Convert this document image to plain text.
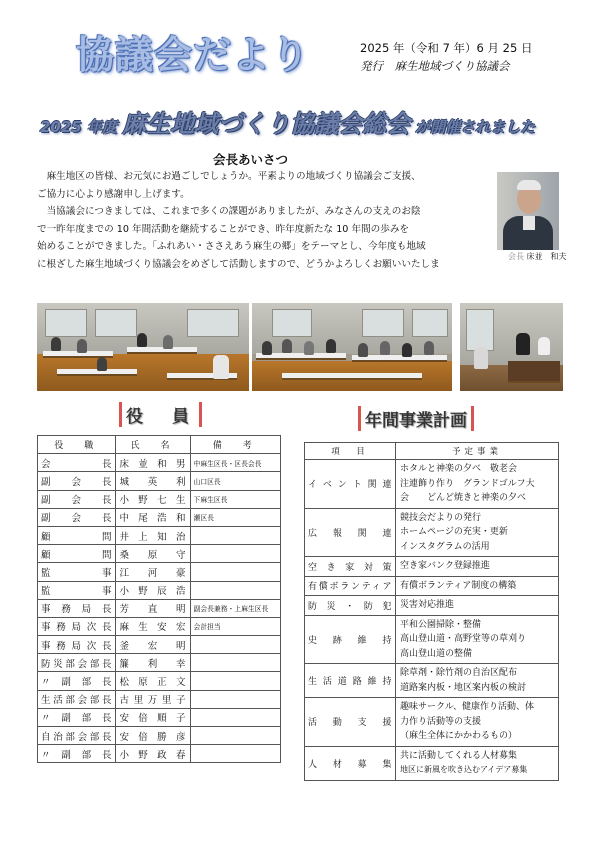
協議会だより	2025 年（令和 7 年）6 月 25 日
発行　麻生地域づくり協議会
2025 年度 麻生地域づくり協議会総会 が開催されました
会長あいさつ

麻生地区の皆様、お元気にお過ごしでしょうか。平素よりの地域づくり協議会ご支援、

ご協力に心より感謝申し上げます。

当協議会につきましては、これまで多くの課題がありましたが、みなさんの支えのお陰

で一昨年度までの 10 年間活動を継続することができ、昨年度新たな 10 年間の歩みを

始めることができました。「ふれあい・ささえあう麻生の郷」をテーマとし、今年度も地域

に根ざした麻生地域づくり協議会をめざして活動しますので、どうかよろしくお願いいたしま

会長 床並　和夫
役　員
役　職	氏　名	備　考
会長	床並和男	中麻生区長・区長会長
副会長	城英利	山口区長
副会長	小野七生	下麻生区長
副会長	中尾浩和	瀬区長
顧問	井上知治	
顧問	桑原守	
監事	江河豪	
監事	小野辰浩	
事務局長	芳直明	副会長兼務・上麻生区長
事務局次長	麻生安宏	会計担当
事務局次長	釜宏明	
防災部会部長	簾利幸	
〃副部長	松原正文	
生活部会部長	古里万里子	
〃副部長	安倍順子	
自治部会部長	安倍勝彦	
〃副部長	小野政春	
年間事業計画
項　目	予定事業
イベント関連	ホタルと神楽の夕べ　敬老会
注連飾り作り　グランドゴルフ大
会　　どんど焼きと神楽の夕べ

広報関連	競技会だよりの発行
ホームページの充実・更新
インスタグラムの活用

空き家対策	空き家バンク登録推進

有償ボランティア	有償ボランティア制度の構築

防災・防犯	災害対応推進

史跡維持	平和公園掃除・整備
高山登山道・高野堂等の草刈り
高山登山道の整備

生活道路維持	除草剤・除竹剤の自治区配布
道路案内板・地区案内板の検討

活動支援	趣味サークル、健康作り活動、体
力作り活動等の支援
（麻生全体にかかわるもの）

人材募集	共に活動してくれる人材募集
地区に新風を吹き込むアイデア募集
